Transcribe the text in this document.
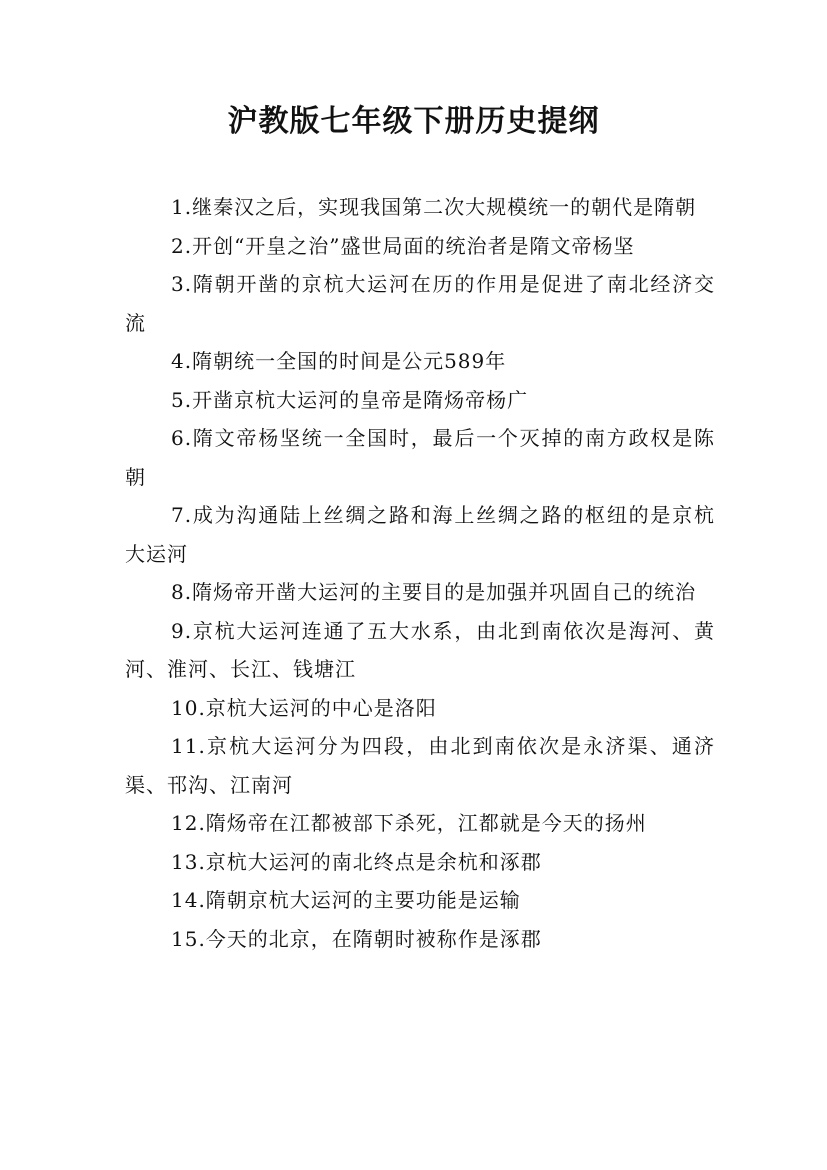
沪教版七年级下册历史提纲

1.继秦汉之后，实现我国第二次大规模统一的朝代是隋朝

2.开创“开皇之治”盛世局面的统治者是隋文帝杨坚

3.隋朝开凿的京杭大运河在历的作用是促进了南北经济交流

4.隋朝统一全国的时间是公元589年

5.开凿京杭大运河的皇帝是隋炀帝杨广

6.隋文帝杨坚统一全国时，最后一个灭掉的南方政权是陈朝

7.成为沟通陆上丝绸之路和海上丝绸之路的枢纽的是京杭大运河

8.隋炀帝开凿大运河的主要目的是加强并巩固自己的统治

9.京杭大运河连通了五大水系，由北到南依次是海河、黄河、淮河、长江、钱塘江

10.京杭大运河的中心是洛阳

11.京杭大运河分为四段，由北到南依次是永济渠、通济渠、邗沟、江南河

12.隋炀帝在江都被部下杀死，江都就是今天的扬州

13.京杭大运河的南北终点是余杭和涿郡

14.隋朝京杭大运河的主要功能是运输

15.今天的北京，在隋朝时被称作是涿郡
